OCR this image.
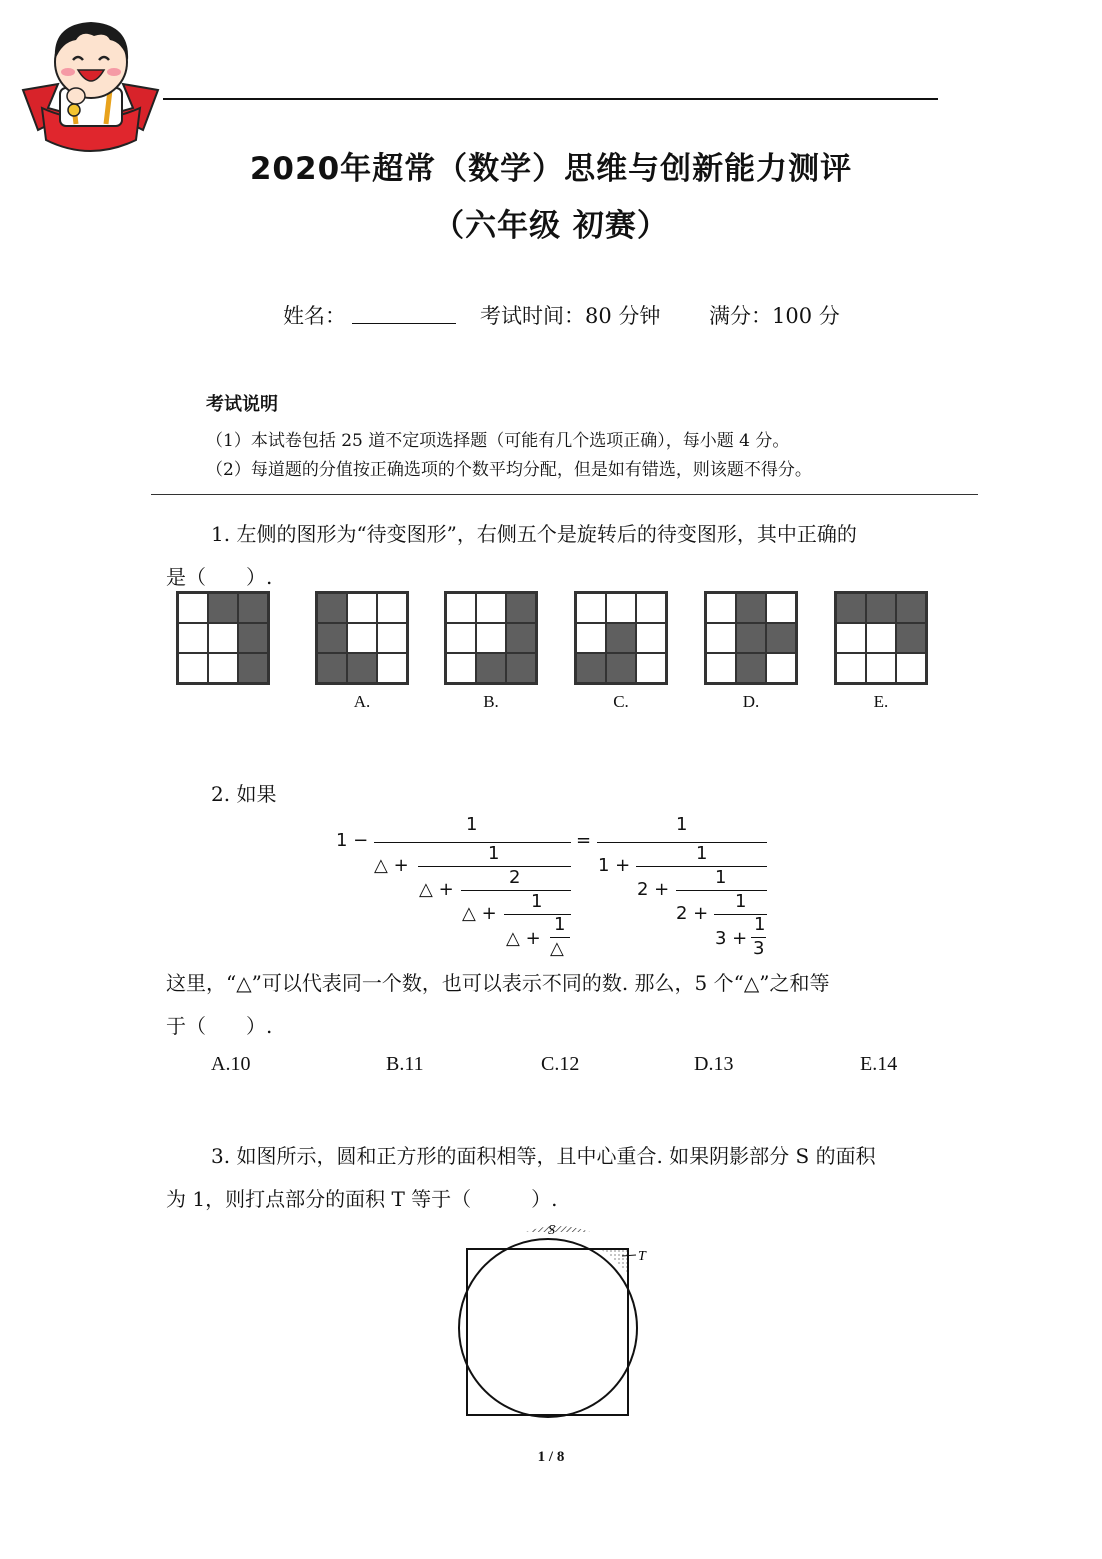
2020年超常（数学）思维与创新能力测评
（六年级 初赛）
姓名：	考试时间：80 分钟 满分：100 分
考试说明
（1）本试卷包括 25 道不定项选择题（可能有几个选项正确），每小题 4 分。
（2）每道题的分值按正确选项的个数平均分配，但是如有错选，则该题不得分。
1. 左侧的图形为“待变图形”，右侧五个是旋转后的待变图形，其中正确的
是（　　）.
A.	B.	C.	D.	E.
2. 如果
1 −
1
△ +
1
△ +
2
△ +
1
△ +
1
△
=
1
1 +
1
2 +
1
2 +
1
3 +
1
3
这里，“△”可以代表同一个数，也可以表示不同的数. 那么，5 个“△”之和等
于（　　）.
A.10	B.11	C.12	D.13	E.14
3. 如图所示，圆和正方形的面积相等，且中心重合. 如果阴影部分 S 的面积
为 1，则打点部分的面积 T 等于（　　　）.
S
T
1 / 8
